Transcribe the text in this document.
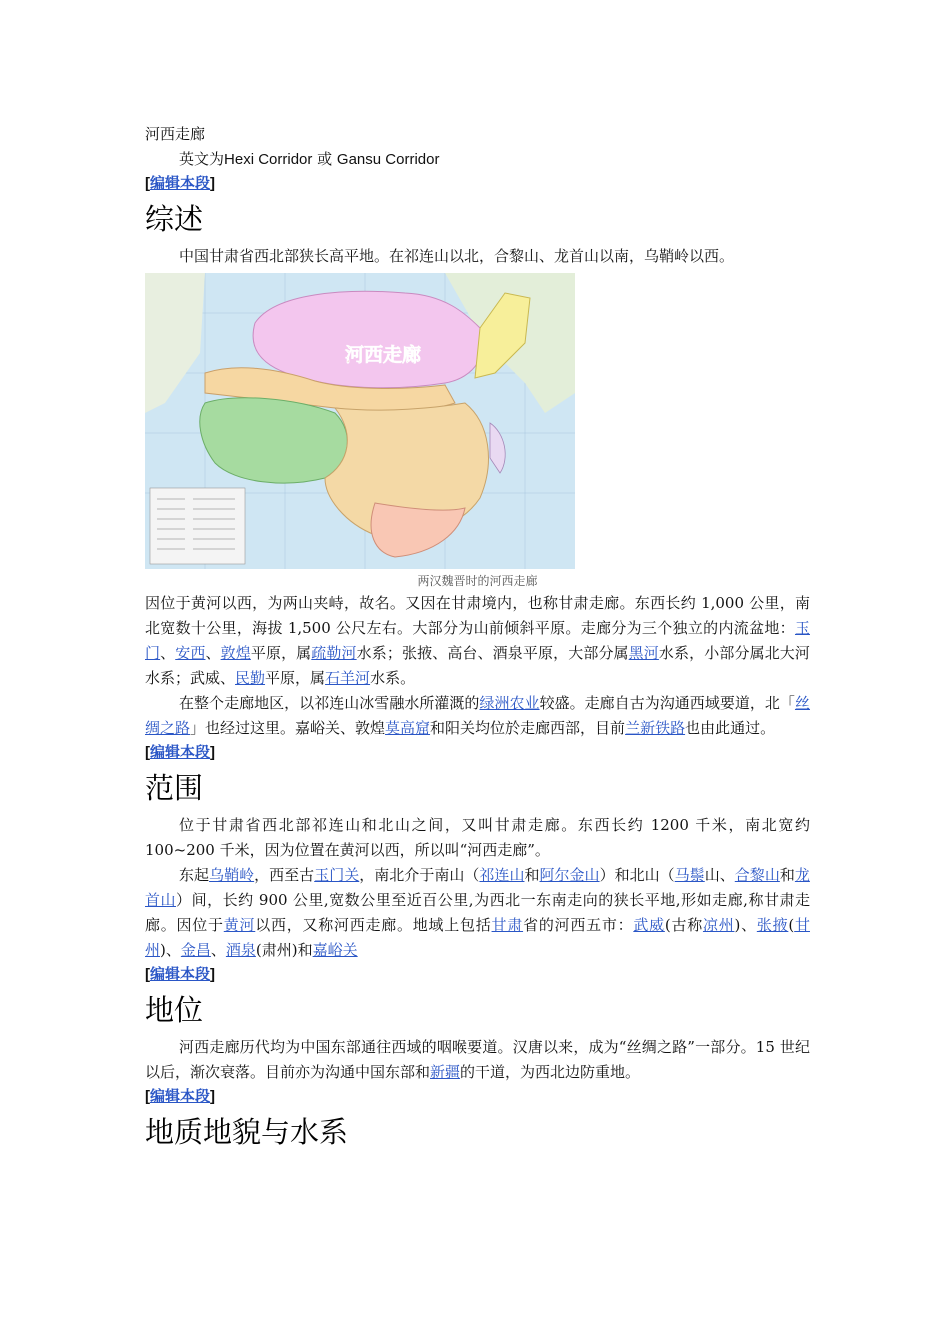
河西走廊

英文为Hexi Corridor 或 Gansu Corridor

[编辑本段]
综述

中国甘肃省西北部狭长高平地。在祁连山以北，合黎山、龙首山以南，乌鞘岭以西。

河西走廊
两汉魏晋时的河西走廊

因位于黄河以西，为两山夹峙，故名。又因在甘肃境内，也称甘肃走廊。东西长约 1,000 公里，南北宽数十公里，海拔 1,500 公尺左右。大部分为山前倾斜平原。走廊分为三个独立的内流盆地：玉门、安西、敦煌平原，属疏勒河水系；张掖、高台、酒泉平原，大部分属黑河水系，小部分属北大河水系；武威、民勤平原，属石羊河水系。

在整个走廊地区，以祁连山冰雪融水所灌溉的绿洲农业较盛。走廊自古为沟通西域要道，北「丝绸之路」也经过这里。嘉峪关、敦煌莫高窟和阳关均位於走廊西部，目前兰新铁路也由此通过。

[编辑本段]
范围

位于甘肃省西北部祁连山和北山之间，又叫甘肃走廊。东西长约 1200 千米，南北宽约 100~200 千米，因为位置在黄河以西，所以叫“河西走廊”。

东起乌鞘岭，西至古玉门关，南北介于南山（祁连山和阿尔金山）和北山（马鬃山、合黎山和龙首山）间，长约 900 公里,宽数公里至近百公里,为西北一东南走向的狭长平地,形如走廊,称甘肃走廊。因位于黄河以西，又称河西走廊。地域上包括甘肃省的河西五市：武威(古称凉州)、张掖(甘州)、金昌、酒泉(肃州)和嘉峪关

[编辑本段]
地位

河西走廊历代均为中国东部通往西域的咽喉要道。汉唐以来，成为“丝绸之路”一部分。15 世纪以后，渐次衰落。目前亦为沟通中国东部和新疆的干道，为西北边防重地。

[编辑本段]
地质地貌与水系
